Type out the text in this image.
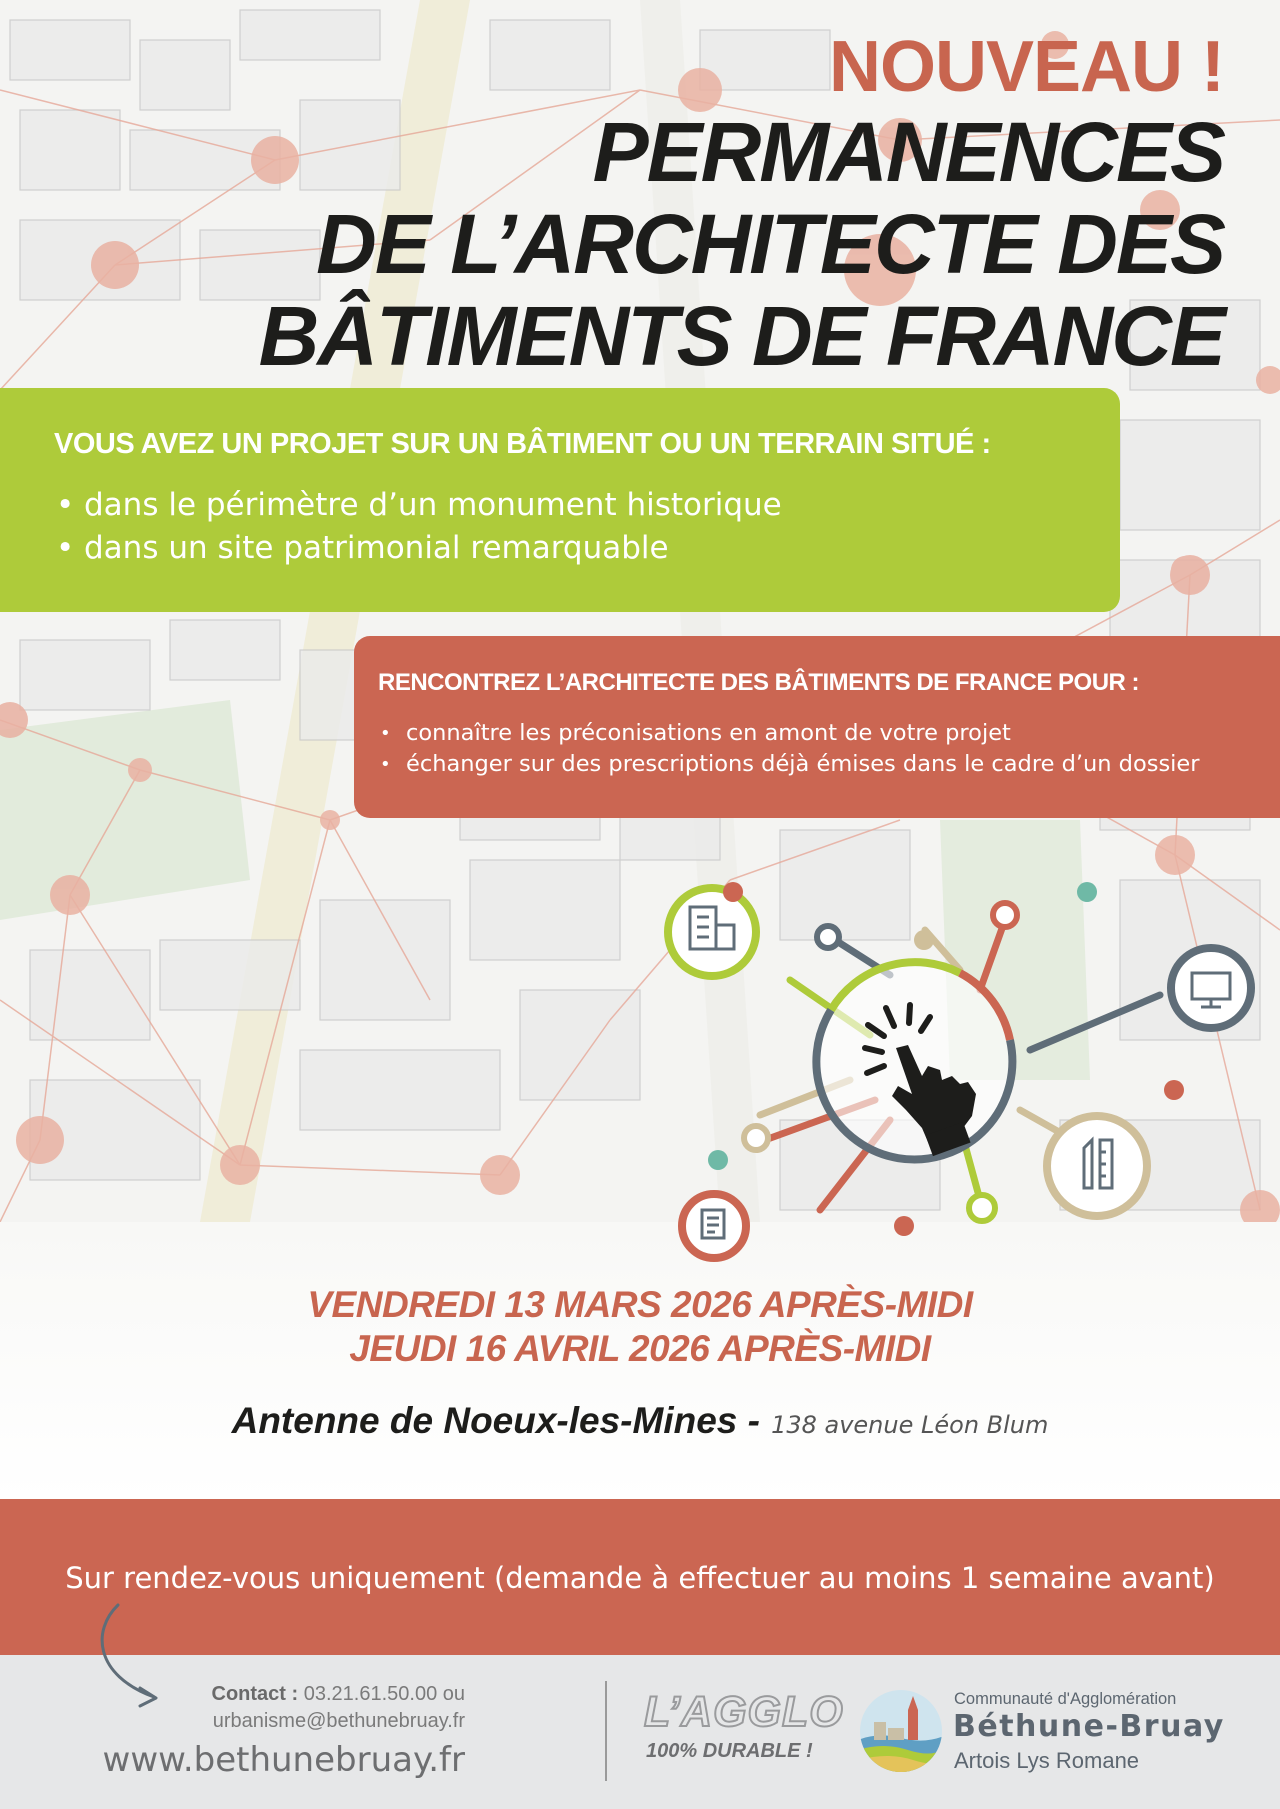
NOUVEAU !
PERMANENCES
DE L’ARCHITECTE DES
BÂTIMENTS DE FRANCE
VOUS AVEZ UN PROJET SUR UN BÂTIMENT OU UN TERRAIN SITUÉ :
• dans le périmètre d’un monument historique
• dans un site patrimonial remarquable
RENCONTREZ L’ARCHITECTE DES BÂTIMENTS DE FRANCE POUR :
• connaître les préconisations en amont de votre projet
• échanger sur des prescriptions déjà émises dans le cadre d’un dossier
VENDREDI 13 MARS 2026 APRÈS-MIDI
JEUDI 16 AVRIL 2026 APRÈS-MIDI
Antenne de Noeux-les-Mines - 138 avenue Léon Blum
Sur rendez-vous uniquement (demande à effectuer au moins 1 semaine avant)
Contact : 03.21.61.50.00 ou
urbanisme@bethunebruay.fr
www.bethunebruay.fr
L’AGGLO
100% DURABLE !
Communauté d'Agglomération
Béthune-Bruay
Artois Lys Romane
